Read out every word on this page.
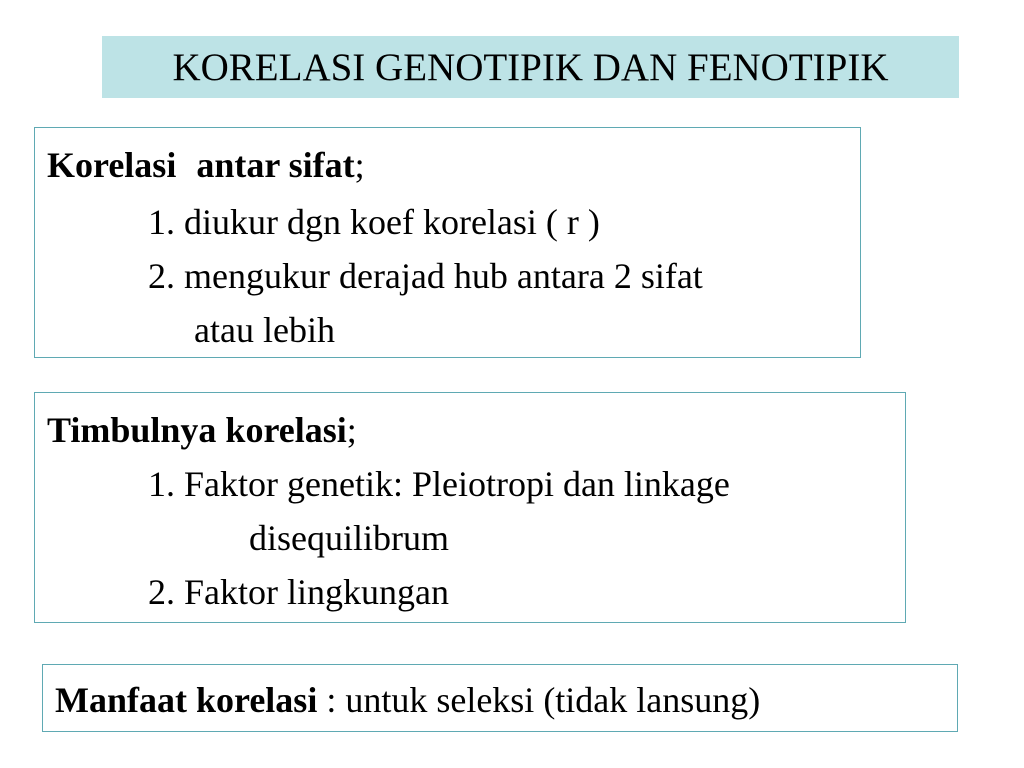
KORELASI GENOTIPIK DAN FENOTIPIK
Korelasi antar sifat;
1. diukur dgn koef korelasi ( r )
2. mengukur derajad hub antara 2 sifat
atau lebih
Timbulnya korelasi;
1. Faktor genetik: Pleiotropi dan linkage
disequilibrum
2. Faktor lingkungan
Manfaat korelasi : untuk seleksi (tidak lansung)
